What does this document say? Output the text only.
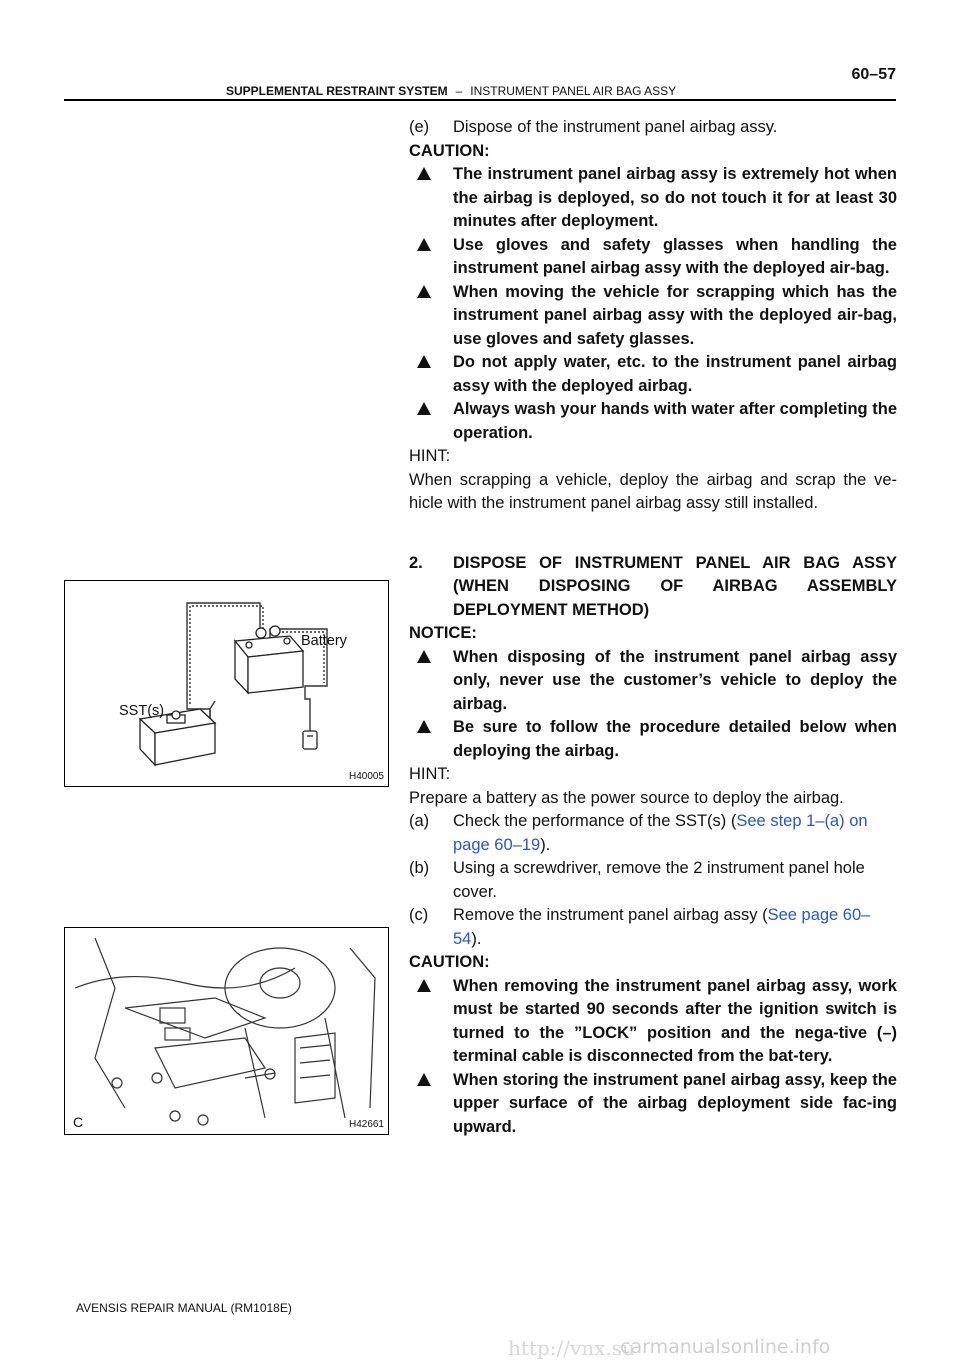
SUPPLEMENTAL RESTRAINT SYSTEM – INSTRUMENT PANEL AIR BAG ASSY
60–57
Battery
SST(s)
H40005
C	H42661
(e) Dispose of the instrument panel airbag assy.
CAUTION:
The instrument panel airbag assy is extremely hot when the airbag is deployed, so do not touch it for at least 30 minutes after deployment.
Use gloves and safety glasses when handling the instrument panel airbag assy with the deployed air-bag.
When moving the vehicle for scrapping which has the instrument panel airbag assy with the deployed air-bag, use gloves and safety glasses.
Do not apply water, etc. to the instrument panel airbag assy with the deployed airbag.
Always wash your hands with water after completing the operation.
HINT:
When scrapping a vehicle, deploy the airbag and scrap the ve-hicle with the instrument panel airbag assy still installed.
2. DISPOSE OF INSTRUMENT PANEL AIR BAG ASSY (WHEN DISPOSING OF AIRBAG ASSEMBLY DEPLOYMENT METHOD)
NOTICE:
When disposing of the instrument panel airbag assy only, never use the customer’s vehicle to deploy the airbag.
Be sure to follow the procedure detailed below when deploying the airbag.
HINT:
Prepare a battery as the power source to deploy the airbag.
(a) Check the performance of the SST(s) (See step 1–(a) on page 60–19).
(b) Using a screwdriver, remove the 2 instrument panel hole cover.
(c) Remove the instrument panel airbag assy (See page 60–54).
CAUTION:
When removing the instrument panel airbag assy, work must be started 90 seconds after the ignition switch is turned to the ”LOCK” position and the nega-tive (–) terminal cable is disconnected from the bat-tery.
When storing the instrument panel airbag assy, keep the upper surface of the airbag deployment side fac-ing upward.
AVENSIS REPAIR MANUAL (RM1018E)
http://vnx.su
carmanualsonline.info
